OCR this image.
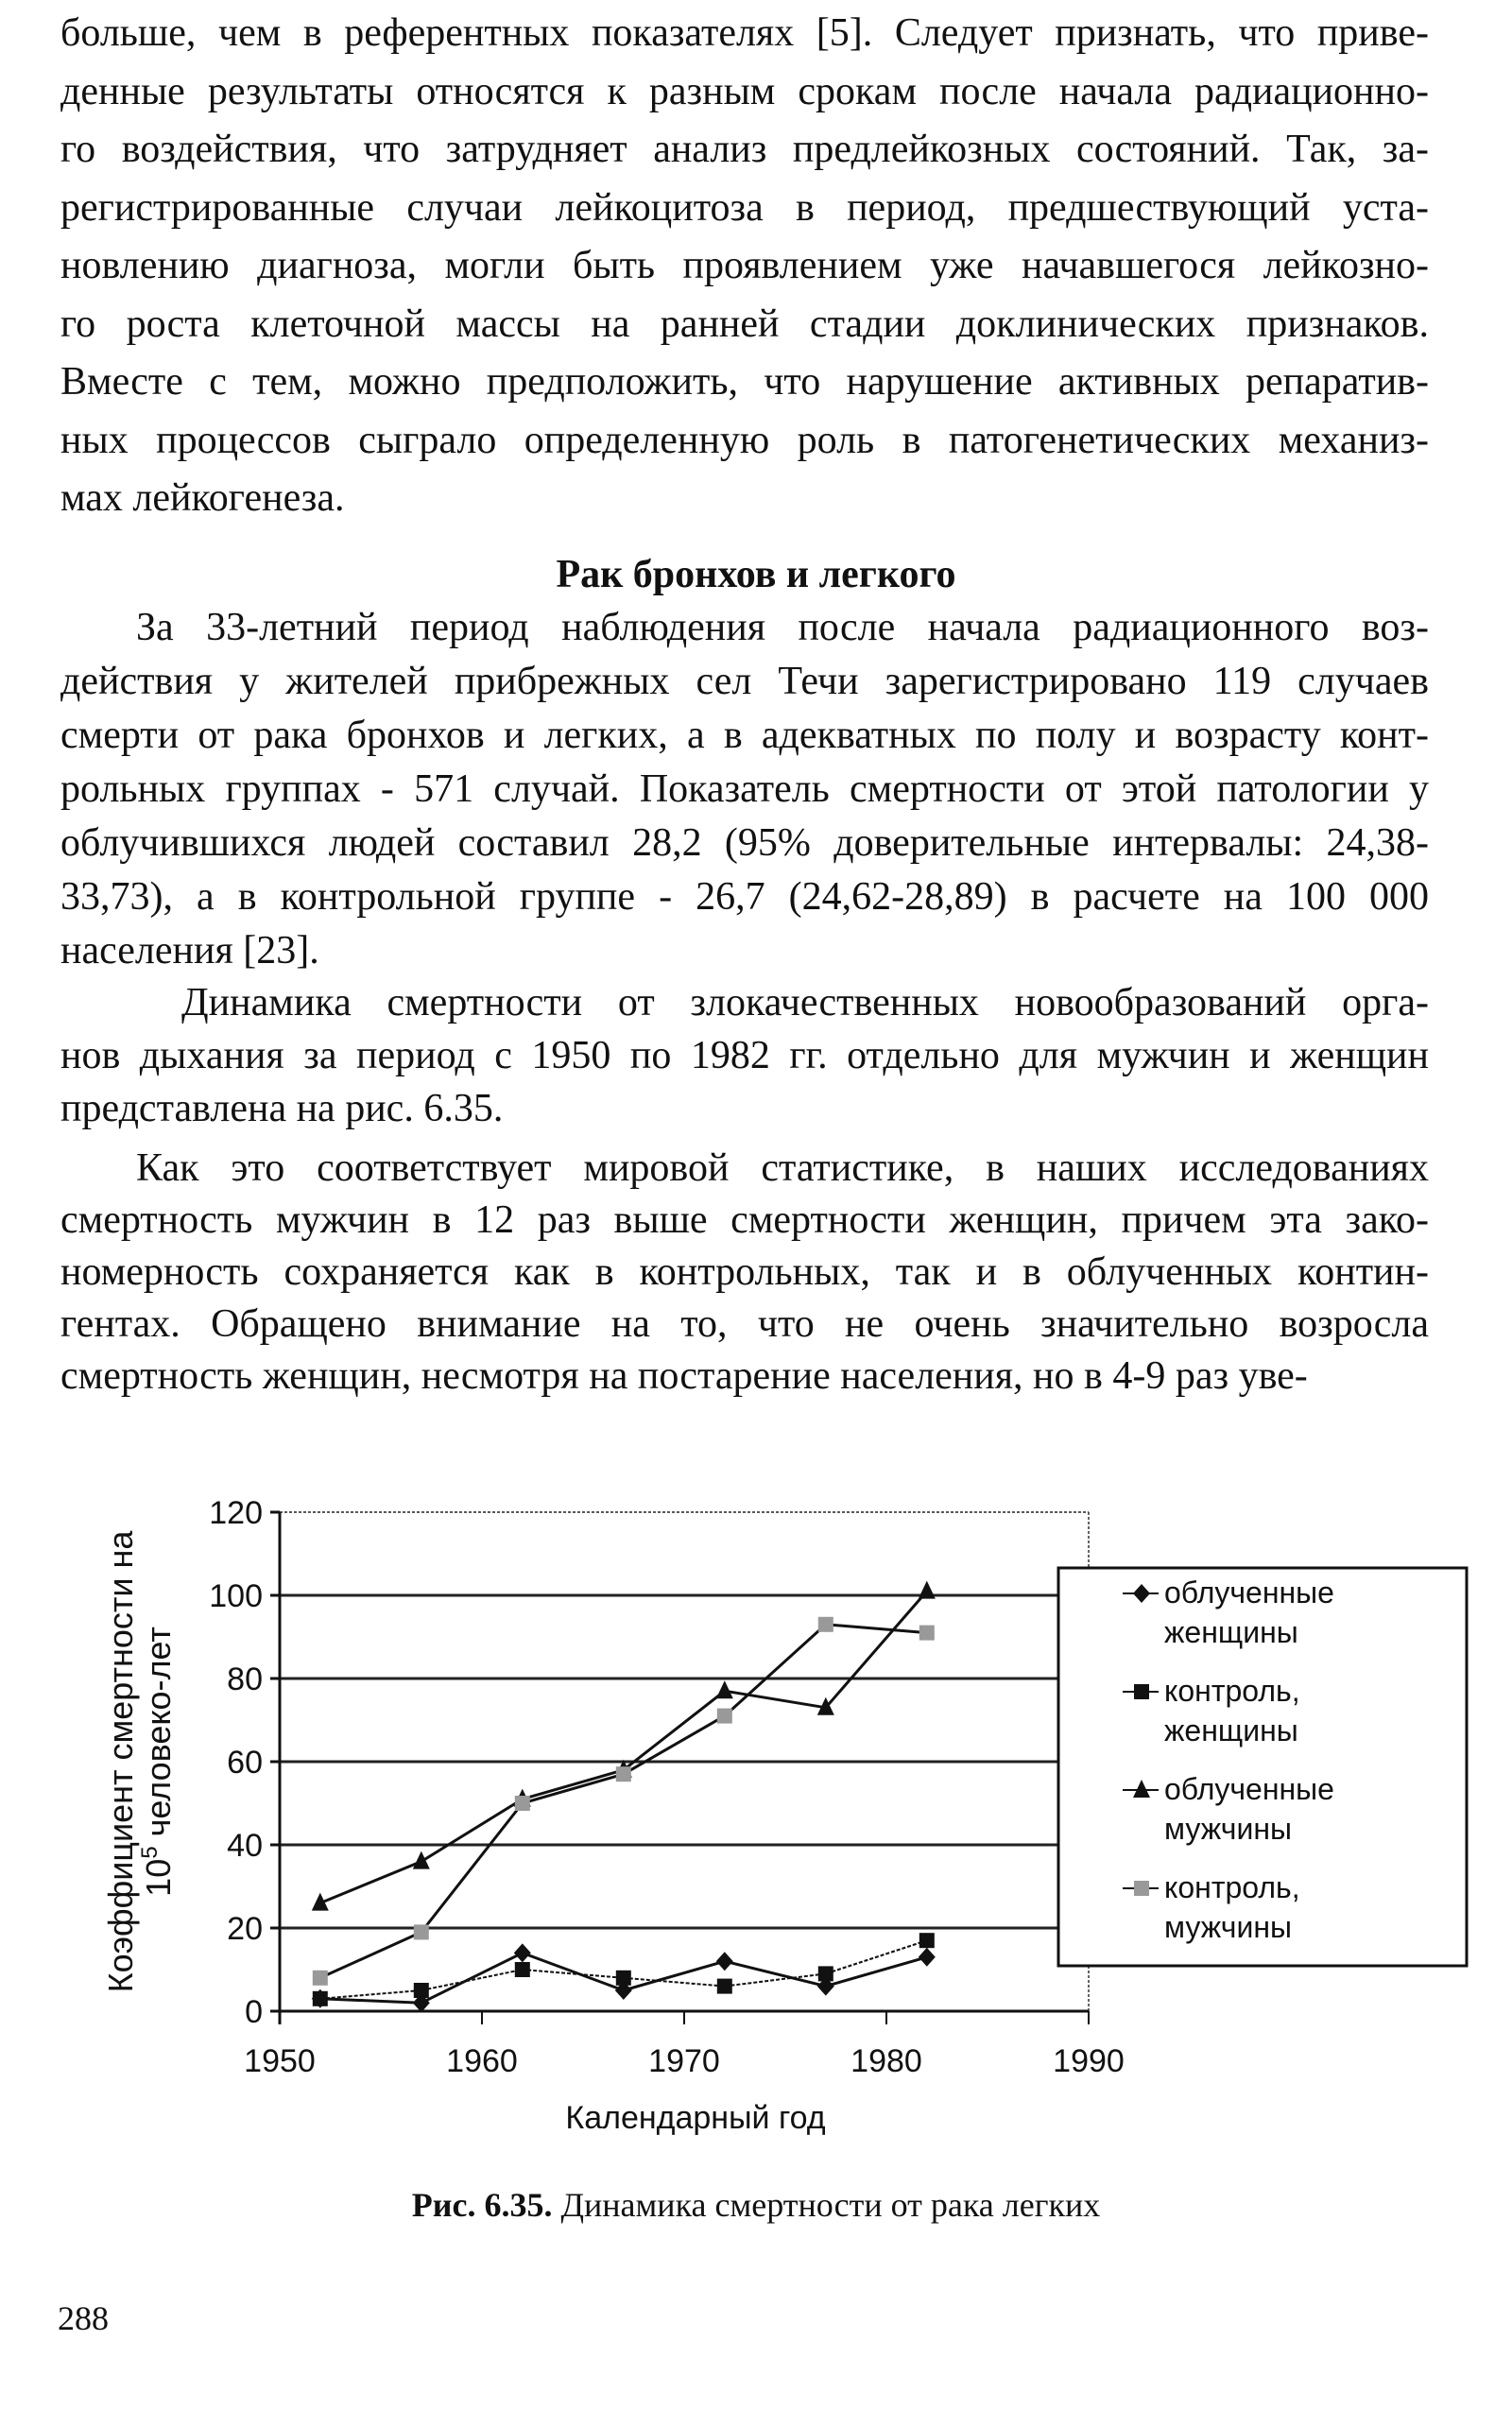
больше, чем в референтных показателях [5]. Следует признать, что приве-
денные результаты относятся к разным срокам после начала радиационно-
го воздействия, что затрудняет анализ предлейкозных состояний. Так, за-
регистрированные случаи лейкоцитоза в период, предшествующий уста-
новлению диагноза, могли быть проявлением уже начавшегося лейкозно-
го роста клеточной массы на ранней стадии доклинических признаков.
Вместе с тем, можно предположить, что нарушение активных репаратив-
ных процессов сыграло определенную роль в патогенетических механиз-
мах лейкогенеза.
Рак бронхов и легкого
За 33-летний период наблюдения после начала радиационного воз-
действия у жителей прибрежных сел Течи зарегистрировано 119 случаев
смерти от рака бронхов и легких, а в адекватных по полу и возрасту конт-
рольных группах - 571 случай. Показатель смертности от этой патологии у
облучившихся людей составил 28,2 (95% доверительные интервалы: 24,38-
33,73), а в контрольной группе - 26,7 (24,62-28,89) в расчете на 100 000
населения [23].
Динамика смертности от злокачественных новообразований орга-
нов дыхания за период с 1950 по 1982 гг. отдельно для мужчин и женщин
представлена на рис. 6.35.
Как это соответствует мировой статистике, в наших исследованиях
смертность мужчин в 12 раз выше смертности женщин, причем эта зако-
номерность сохраняется как в контрольных, так и в облученных контин-
гентах. Обращено внимание на то, что не очень значительно возросла
смертность женщин, несмотря на постарение населения, но в 4-9 раз уве-
0
20
40
60
80
100
120
1950	1960	1970	1980	1990
облученные
женщины
контроль,
женщины
облученные
мужчины
контроль,
мужчины
Календарный год
Коэффициент смертности на $10^5$ человеко-лет
Рис. 6.35. Динамика смертности от рака легких
288
